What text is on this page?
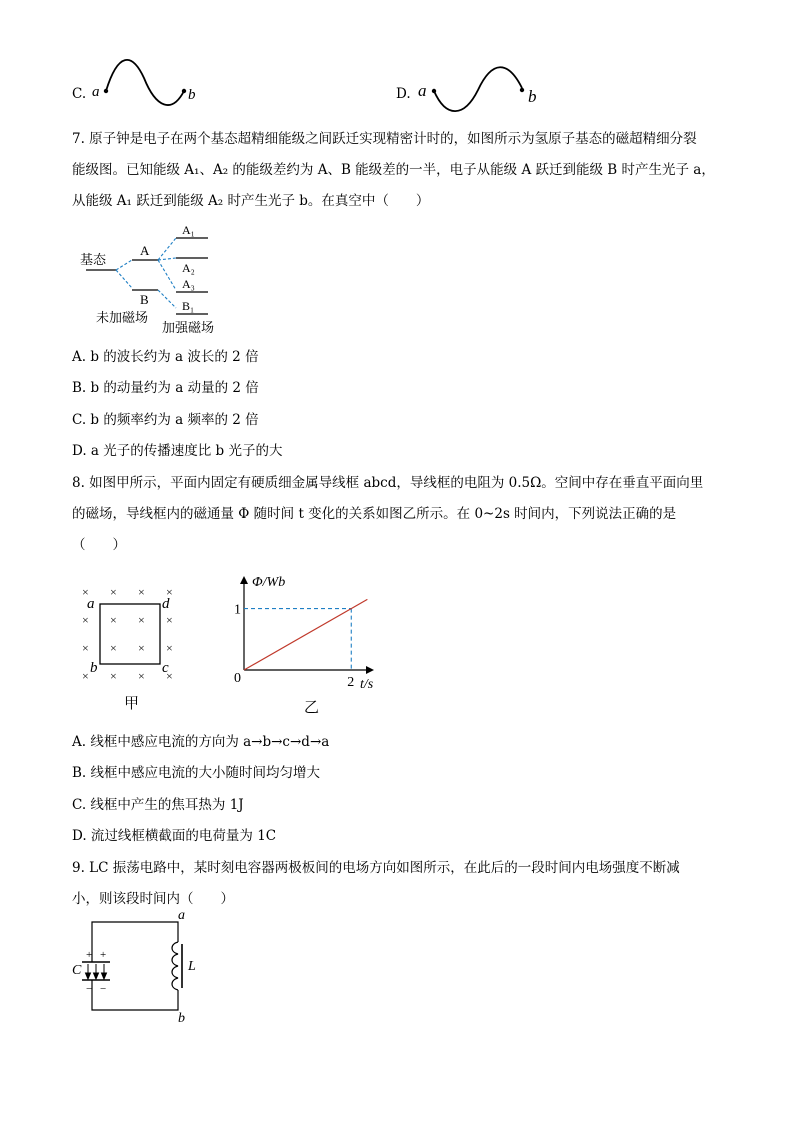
C. a	b	D. a	b
7. 原子钟是电子在两个基态超精细能级之间跃迁实现精密计时的，如图所示为氢原子基态的磁超精细分裂
能级图。已知能级 A₁、A₂ 的能级差约为 A、B 能级差的一半，电子从能级 A 跃迁到能级 B 时产生光子 a，
从能级 A₁ 跃迁到能级 A₂ 时产生光子 b。在真空中（　　）
基态
A
B
A₁
A₂
A₃
B₁
未加磁场
加强磁场
A. b 的波长约为 a 波长的 2 倍
B. b 的动量约为 a 动量的 2 倍
C. b 的频率约为 a 频率的 2 倍
D. a 光子的传播速度比 b 光子的大
8. 如图甲所示，平面内固定有硬质细金属导线框 abcd，导线框的电阻为 0.5Ω。空间中存在垂直平面向里
的磁场，导线框内的磁通量 Φ 随时间 t 变化的关系如图乙所示。在 0~2s 时间内，下列说法正确的是
（　　）
× × × ×
× × × ×
× × × ×
× × × ×
a	d
b	c
甲
Φ/Wb
t/s
0
1
2
乙
A. 线框中感应电流的方向为 a→b→c→d→a
B. 线框中感应电流的大小随时间均匀增大
C. 线框中产生的焦耳热为 1J
D. 流过线框横截面的电荷量为 1C
9. LC 振荡电路中，某时刻电容器两极板间的电场方向如图所示，在此后的一段时间内电场强度不断减
小，则该段时间内（　　）
+ +
− −
C	L
a
b
